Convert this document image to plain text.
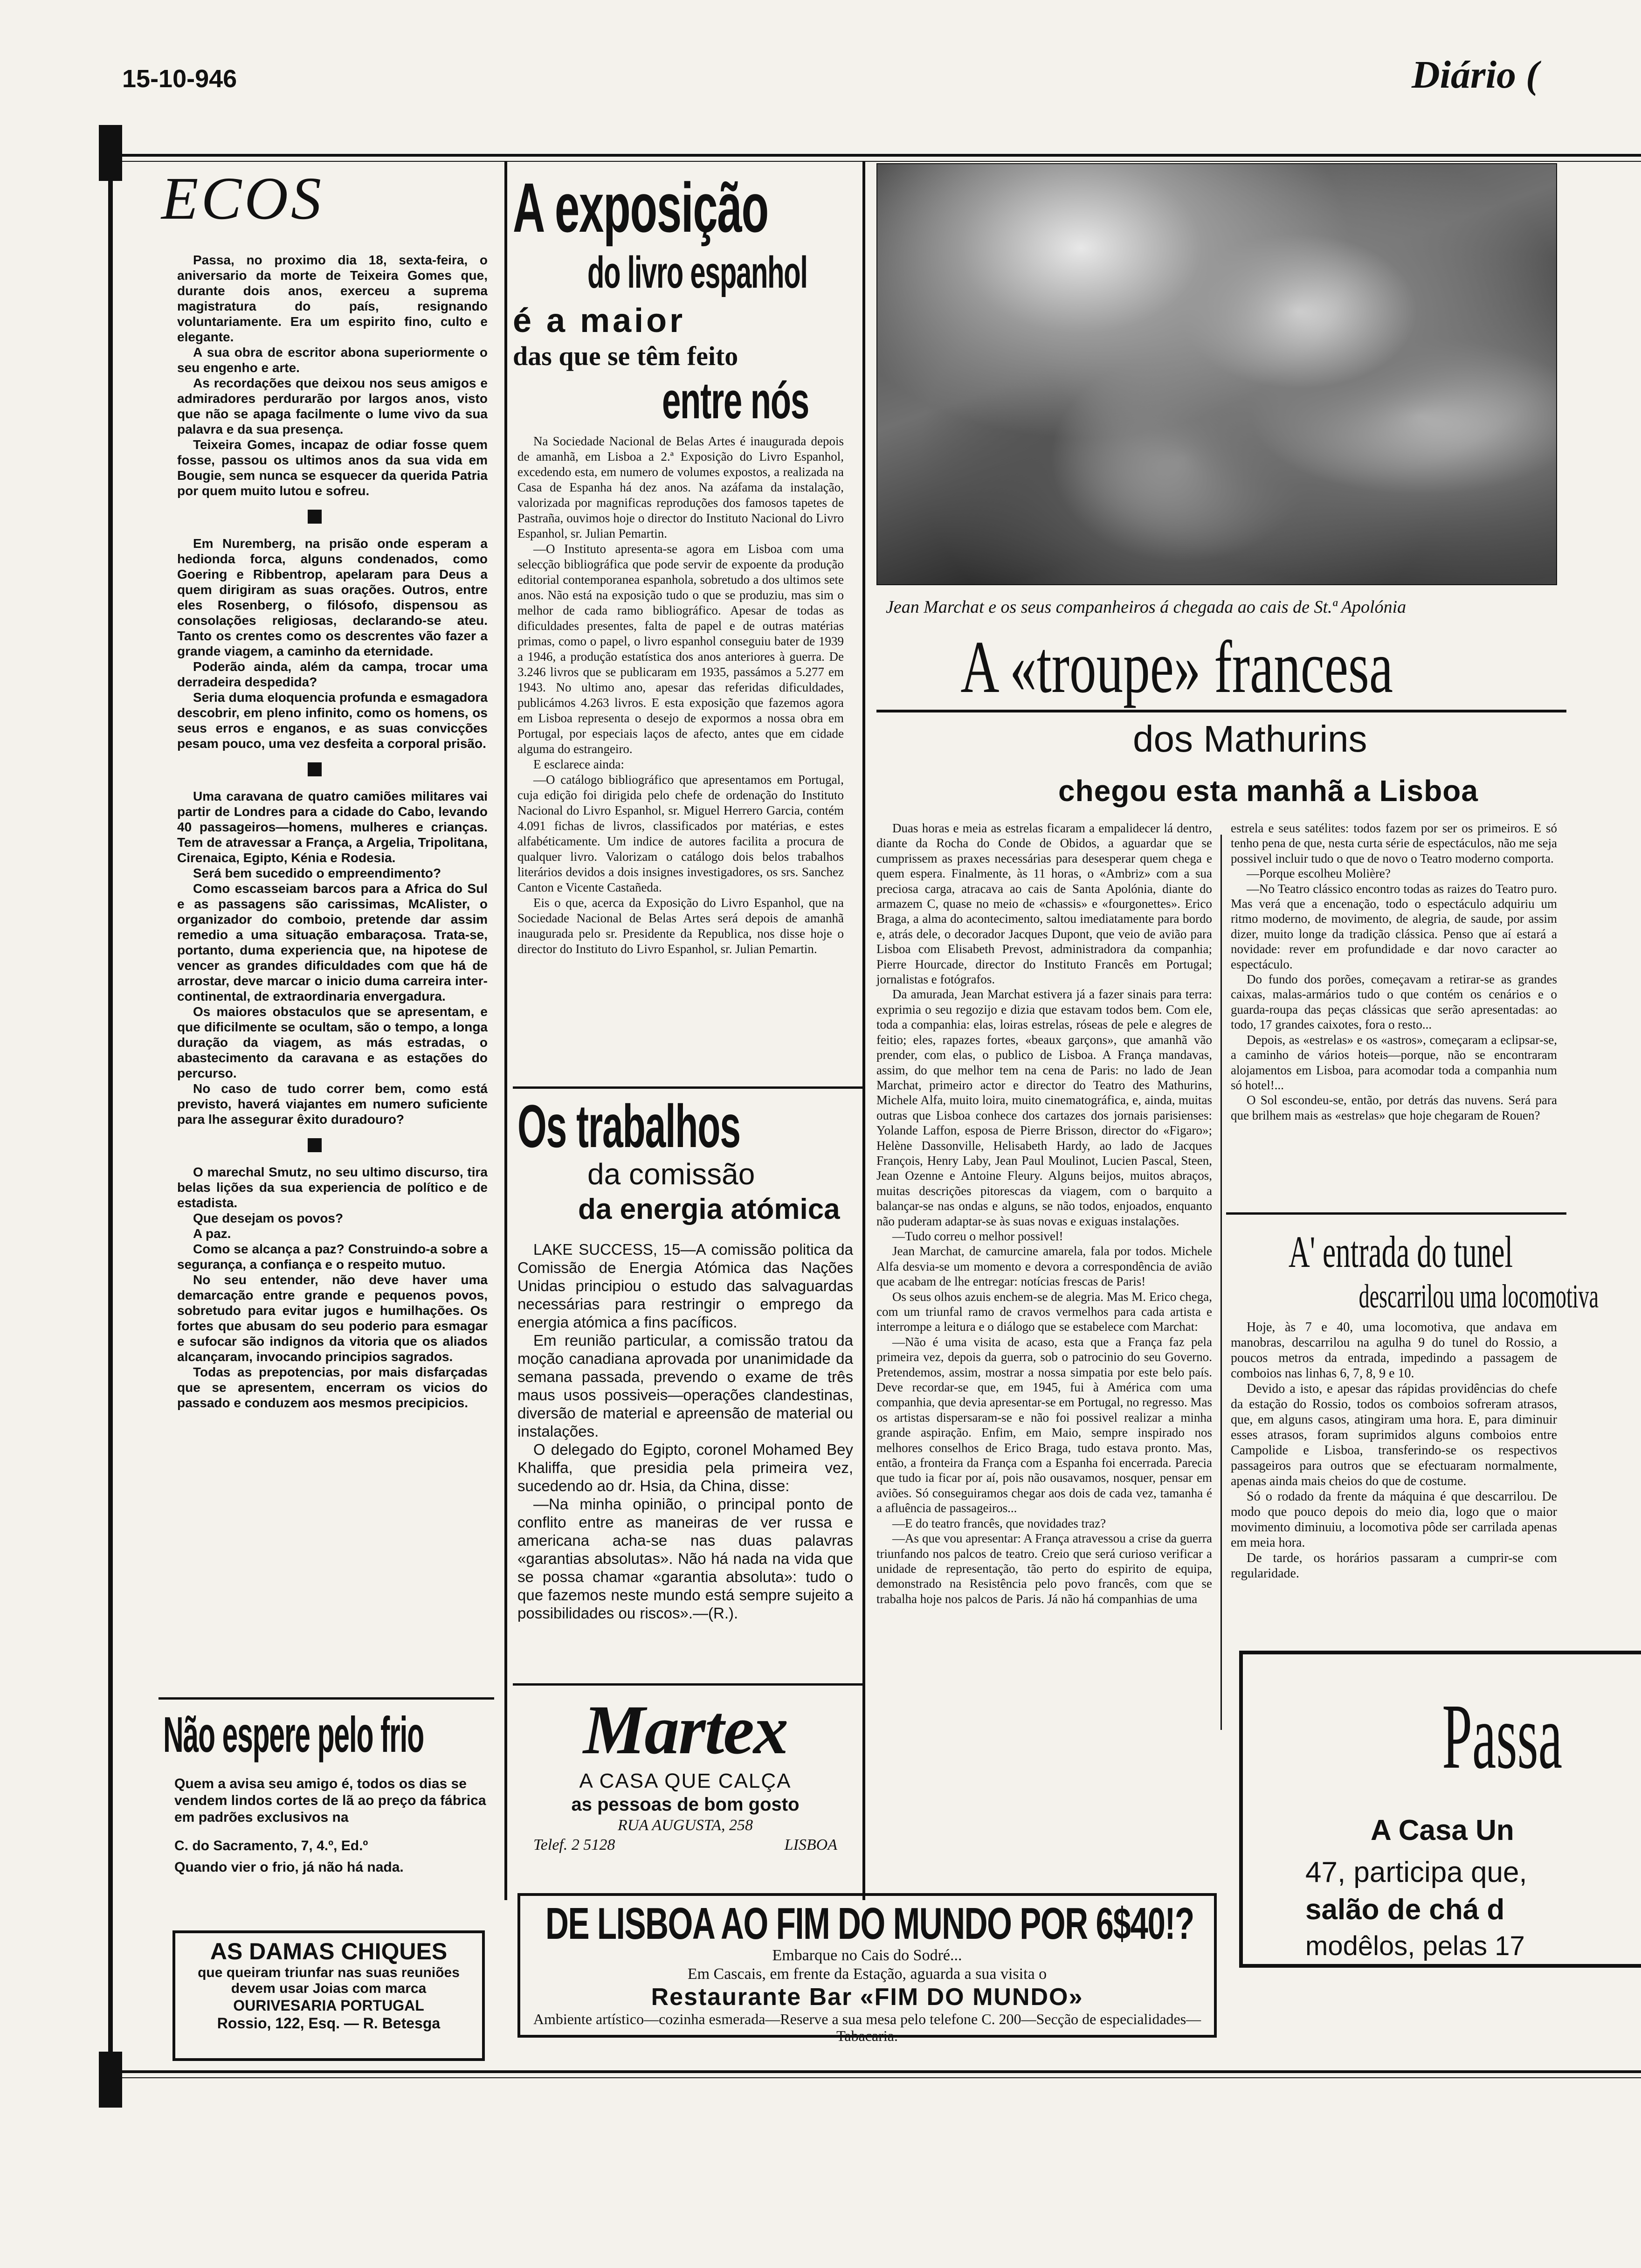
15-10-946	Diário (
ECOS

Passa, no proximo dia 18, sexta-feira, o aniversario da morte de Teixeira Gomes que, durante dois anos, exerceu a suprema magistratura do país, resignando voluntariamente. Era um espirito fino, culto e elegante.

A sua obra de escritor abona superiormente o seu engenho e arte.

As recordações que deixou nos seus amigos e admiradores perdurarão por largos anos, visto que não se apaga facilmente o lume vivo da sua palavra e da sua presença.

Teixeira Gomes, incapaz de odiar fosse quem fosse, passou os ultimos anos da sua vida em Bougie, sem nunca se esquecer da querida Patria por quem muito lutou e sofreu.

Em Nuremberg, na prisão onde esperam a hedionda forca, alguns condenados, como Goering e Ribbentrop, apelaram para Deus a quem dirigiram as suas orações. Outros, entre eles Rosenberg, o filósofo, dispensou as consolações religiosas, declarando-se ateu. Tanto os crentes como os descrentes vão fazer a grande viagem, a caminho da eternidade.

Poderão ainda, além da campa, trocar uma derradeira despedida?

Seria duma eloquencia profunda e esmagadora descobrir, em pleno infinito, como os homens, os seus erros e enganos, e as suas convicções pesam pouco, uma vez desfeita a corporal prisão.

Uma caravana de quatro camiões militares vai partir de Londres para a cidade do Cabo, levando 40 passageiros—homens, mulheres e crianças. Tem de atravessar a França, a Argelia, Tripolitana, Cirenaica, Egipto, Kénia e Rodesia.

Será bem sucedido o empreendimento?

Como escasseiam barcos para a Africa do Sul e as passagens são carissimas, McAlister, o organizador do comboio, pretende dar assim remedio a uma situação embaraçosa. Trata-se, portanto, duma experiencia que, na hipotese de vencer as grandes dificuldades com que há de arrostar, deve marcar o inicio duma carreira inter-continental, de extraordinaria envergadura.

Os maiores obstaculos que se apresentam, e que dificilmente se ocultam, são o tempo, a longa duração da viagem, as más estradas, o abastecimento da caravana e as estações do percurso.

No caso de tudo correr bem, como está previsto, haverá viajantes em numero suficiente para lhe assegurar êxito duradouro?

O marechal Smutz, no seu ultimo discurso, tira belas lições da sua experiencia de político e de estadista.

Que desejam os povos?

A paz.

Como se alcança a paz? Construindo-a sobre a segurança, a confiança e o respeito mutuo.

No seu entender, não deve haver uma demarcação entre grande e pequenos povos, sobretudo para evitar jugos e humilhações. Os fortes que abusam do seu poderio para esmagar e sufocar são indignos da vitoria que os aliados alcançaram, invocando principios sagrados.

Todas as prepotencias, por mais disfarçadas que se apresentem, encerram os vicios do passado e conduzem aos mesmos precipicios.

Não espere pelo frio
Quem a avisa seu amigo é, todos os dias se vendem lindos cortes de lã ao preço da fábrica em padrões exclusivos na
C. do Sacramento, 7, 4.º, Ed.º
Quando vier o frio, já não há nada.
AS DAMAS CHIQUES
que queiram triunfar nas suas reuniões devem usar Joias com marca
OURIVESARIA PORTUGAL
Rossio, 122, Esq. — R. Betesga
A exposição
do livro espanhol
é a maior
das que se têm feito
entre nós

Na Sociedade Nacional de Belas Artes é inaugurada depois de amanhã, em Lisboa a 2.ª Exposição do Livro Espanhol, excedendo esta, em numero de volumes expostos, a realizada na Casa de Espanha há dez anos. Na azáfama da instalação, valorizada por magnificas reproduções dos famosos tapetes de Pastraña, ouvimos hoje o director do Instituto Nacional do Livro Espanhol, sr. Julian Pemartin.

—O Instituto apresenta-se agora em Lisboa com uma selecção bibliográfica que pode servir de expoente da produção editorial contemporanea espanhola, sobretudo a dos ultimos sete anos. Não está na exposição tudo o que se produziu, mas sim o melhor de cada ramo bibliográfico. Apesar de todas as dificuldades presentes, falta de papel e de outras matérias primas, como o papel, o livro espanhol conseguiu bater de 1939 a 1946, a produção estatística dos anos anteriores à guerra. De 3.246 livros que se publicaram em 1935, passámos a 5.277 em 1943. No ultimo ano, apesar das referidas dificuldades, publicámos 4.263 livros. E esta exposição que fazemos agora em Lisboa representa o desejo de expormos a nossa obra em Portugal, por especiais laços de afecto, antes que em cidade alguma do estrangeiro.

E esclarece ainda:

—O catálogo bibliográfico que apresentamos em Portugal, cuja edição foi dirigida pelo chefe de ordenação do Instituto Nacional do Livro Espanhol, sr. Miguel Herrero Garcia, contém 4.091 fichas de livros, classificados por matérias, e estes alfabéticamente. Um indice de autores facilita a procura de qualquer livro. Valorizam o catálogo dois belos trabalhos literários devidos a dois insignes investigadores, os srs. Sanchez Canton e Vicente Castañeda.

Eis o que, acerca da Exposição do Livro Espanhol, que na Sociedade Nacional de Belas Artes será depois de amanhã inaugurada pelo sr. Presidente da Republica, nos disse hoje o director do Instituto do Livro Espanhol, sr. Julian Pemartin.

Os trabalhos
da comissão
da energia atómica

LAKE SUCCESS, 15—A comissão politica da Comissão de Energia Atómica das Nações Unidas principiou o estudo das salvaguardas necessárias para restringir o emprego da energia atómica a fins pacíficos.

Em reunião particular, a comissão tratou da moção canadiana aprovada por unanimidade da semana passada, prevendo o exame de três maus usos possiveis—operações clandestinas, diversão de material e apreensão de material ou instalações.

O delegado do Egipto, coronel Mohamed Bey Khaliffa, que presidia pela primeira vez, sucedendo ao dr. Hsia, da China, disse:

—Na minha opinião, o principal ponto de conflito entre as maneiras de ver russa e americana acha-se nas duas palavras «garantias absolutas». Não há nada na vida que se possa chamar «garantia absoluta»: tudo o que fazemos neste mundo está sempre sujeito a possibilidades ou riscos».—(R.).

Martex
A CASA QUE CALÇA
as pessoas de bom gosto
RUA AUGUSTA, 258
Telef. 2 5128	LISBOA
Jean Marchat e os seus companheiros á chegada ao cais de St.ª Apolónia
A «troupe» francesa
dos Mathurins
chegou esta manhã a Lisboa

Duas horas e meia as estrelas ficaram a empalidecer lá dentro, diante da Rocha do Conde de Obidos, a aguardar que se cumprissem as praxes necessárias para desesperar quem chega e quem espera. Finalmente, às 11 horas, o «Ambriz» com a sua preciosa carga, atracava ao cais de Santa Apolónia, diante do armazem C, quase no meio de «chassis» e «fourgonettes». Erico Braga, a alma do acontecimento, saltou imediatamente para bordo e, atrás dele, o decorador Jacques Dupont, que veio de avião para Lisboa com Elisabeth Prevost, administradora da companhia; Pierre Hourcade, director do Instituto Francês em Portugal; jornalistas e fotógrafos.

Da amurada, Jean Marchat estivera já a fazer sinais para terra: exprimia o seu regozijo e dizia que estavam todos bem. Com ele, toda a companhia: elas, loiras estrelas, róseas de pele e alegres de feitio; eles, rapazes fortes, «beaux garçons», que amanhã vão prender, com elas, o publico de Lisboa. A França mandavas, assim, do que melhor tem na cena de Paris: no lado de Jean Marchat, primeiro actor e director do Teatro des Mathurins, Michele Alfa, muito loira, muito cinematográfica, e, ainda, muitas outras que Lisboa conhece dos cartazes dos jornais parisienses: Yolande Laffon, esposa de Pierre Brisson, director do «Figaro»; Helène Dassonville, Helisabeth Hardy, ao lado de Jacques François, Henry Laby, Jean Paul Moulinot, Lucien Pascal, Steen, Jean Ozenne e Antoine Fleury. Alguns beijos, muitos abraços, muitas descrições pitorescas da viagem, com o barquito a balançar-se nas ondas e alguns, se não todos, enjoados, enquanto não puderam adaptar-se às suas novas e exiguas instalações.

—Tudo correu o melhor possivel!

Jean Marchat, de camurcine amarela, fala por todos. Michele Alfa desvia-se um momento e devora a correspondência de avião que acabam de lhe entregar: notícias frescas de Paris!

Os seus olhos azuis enchem-se de alegria. Mas M. Erico chega, com um triunfal ramo de cravos vermelhos para cada artista e interrompe a leitura e o diálogo que se estabelece com Marchat:

—Não é uma visita de acaso, esta que a França faz pela primeira vez, depois da guerra, sob o patrocinio do seu Governo. Pretendemos, assim, mostrar a nossa simpatia por este belo país. Deve recordar-se que, em 1945, fui à América com uma companhia, que devia apresentar-se em Portugal, no regresso. Mas os artistas dispersaram-se e não foi possivel realizar a minha grande aspiração. Enfim, em Maio, sempre inspirado nos melhores conselhos de Erico Braga, tudo estava pronto. Mas, então, a fronteira da França com a Espanha foi encerrada. Parecia que tudo ia ficar por aí, pois não ousavamos, nosquer, pensar em aviões. Só conseguiramos chegar aos dois de cada vez, tamanha é a afluência de passageiros...

—E do teatro francês, que novidades traz?

—As que vou apresentar: A França atravessou a crise da guerra triunfando nos palcos de teatro. Creio que será curioso verificar a unidade de representação, tão perto do espirito de equipa, demonstrado na Resistência pelo povo francês, com que se trabalha hoje nos palcos de Paris. Já não há companhias de uma

estrela e seus satélites: todos fazem por ser os primeiros. E só tenho pena de que, nesta curta série de espectáculos, não me seja possivel incluir tudo o que de novo o Teatro moderno comporta.

—Porque escolheu Molière?

—No Teatro clássico encontro todas as raizes do Teatro puro. Mas verá que a encenação, todo o espectáculo adquiriu um ritmo moderno, de movimento, de alegria, de saude, por assim dizer, muito longe da tradição clássica. Penso que aí estará a novidade: rever em profundidade e dar novo caracter ao espectáculo.

Do fundo dos porões, começavam a retirar-se as grandes caixas, malas-armários tudo o que contém os cenários e o guarda-roupa das peças clássicas que serão apresentadas: ao todo, 17 grandes caixotes, fora o resto...

Depois, as «estrelas» e os «astros», começaram a eclipsar-se, a caminho de vários hoteis—porque, não se encontraram alojamentos em Lisboa, para acomodar toda a companhia num só hotel!...

O Sol escondeu-se, então, por detrás das nuvens. Será para que brilhem mais as «estrelas» que hoje chegaram de Rouen?

A' entrada do tunel
descarrilou uma locomotiva

Hoje, às 7 e 40, uma locomotiva, que andava em manobras, descarrilou na agulha 9 do tunel do Rossio, a poucos metros da entrada, impedindo a passagem de comboios nas linhas 6, 7, 8, 9 e 10.

Devido a isto, e apesar das rápidas providências do chefe da estação do Rossio, todos os comboios sofreram atrasos, que, em alguns casos, atingiram uma hora. E, para diminuir esses atrasos, foram suprimidos alguns comboios entre Campolide e Lisboa, transferindo-se os respectivos passageiros para outros que se efectuaram normalmente, apenas ainda mais cheios do que de costume.

Só o rodado da frente da máquina é que descarrilou. De modo que pouco depois do meio dia, logo que o maior movimento diminuiu, a locomotiva pôde ser carrilada apenas em meia hora.

De tarde, os horários passaram a cumprir-se com regularidade.

Passa
A Casa Un
47, participa que,
salão de chá d
modêlos, pelas 17
DE LISBOA AO FIM DO MUNDO POR 6$40!?
Embarque no Cais do Sodré...
Em Cascais, em frente da Estação, aguarda a sua visita o
Restaurante Bar «FIM DO MUNDO»
Ambiente artístico—cozinha esmerada—Reserve a sua mesa pelo telefone C. 200—Secção de especialidades—Tabacaria.
